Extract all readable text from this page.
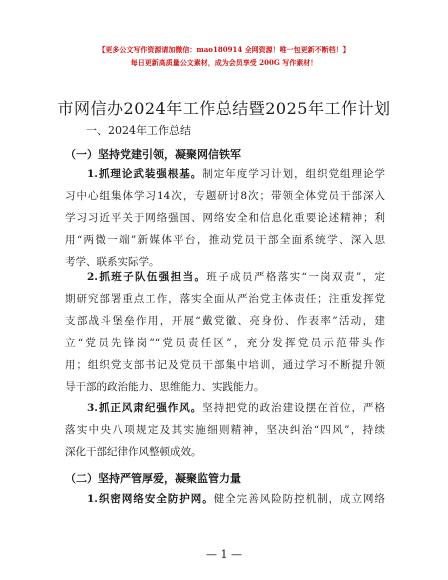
【更多公文写作资源请加微信：mao180914 全网资源！唯一包更新不断档！】
每日更新高质量公文素材，成为会员享受 200G 写作素材！
市网信办2024年工作总结暨2025年工作计划
一、2024年工作总结
（一）坚持党建引领，凝聚网信铁军
1.抓理论武装强根基。制定年度学习计划，组织党组理论学
习中心组集体学习14次，专题研讨8次；带领全体党员干部深入
学习习近平关于网络强国、网络安全和信息化重要论述精神；利
用“两微一端”新媒体平台，推动党员干部全面系统学、深入思
考学、联系实际学。
2.抓班子队伍强担当。班子成员严格落实“一岗双责”，定
期研究部署重点工作，落实全面从严治党主体责任；注重发挥党
支部战斗堡垒作用，开展“戴党徽、亮身份、作表率”活动，建
立“党员先锋岗”“党员责任区”，充分发挥党员示范带头作
用；组织党支部书记及党员干部集中培训，通过学习不断提升领
导干部的政治能力、思维能力、实践能力。
3.抓正风肃纪强作风。坚持把党的政治建设摆在首位，严格
落实中央八项规定及其实施细则精神，坚决纠治“四风”，持续
深化干部纪律作风整顿成效。
（二）坚持严管厚爱，凝聚监管力量
1.织密网络安全防护网。健全完善风险防控机制，成立网络
— 1 —
